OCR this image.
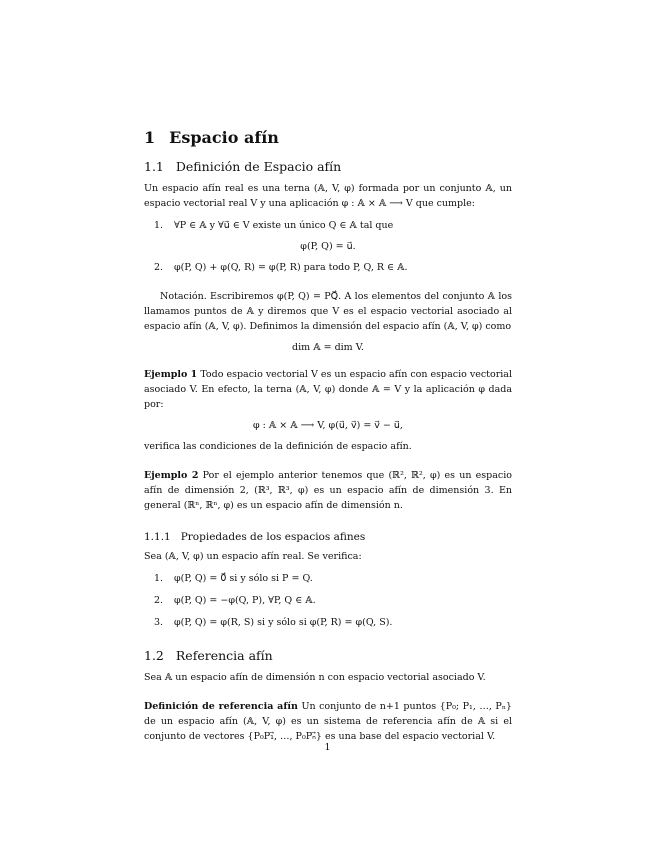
1 Espacio afín
1.1 Definición de Espacio afín

Un espacio afín real es una terna (𝔸, V, φ) formada por un conjunto 𝔸, un espacio vectorial real V y una aplicación φ : 𝔸 × 𝔸 ⟶ V que cumple:

1.	∀P ∈ 𝔸 y ∀u⃗ ∈ V existe un único Q ∈ 𝔸 tal que
φ(P, Q) = u⃗.
2.	φ(P, Q) + φ(Q, R) = φ(P, R) para todo P, Q, R ∈ 𝔸.

Notación. Escribiremos φ(P, Q) = PQ⃗. A los elementos del conjunto 𝔸 los llamamos puntos de 𝔸 y diremos que V es el espacio vectorial asociado al espacio afín (𝔸, V, φ). Definimos la dimensión del espacio afín (𝔸, V, φ) como

dim 𝔸 = dim V.

Ejemplo 1 Todo espacio vectorial V es un espacio afín con espacio vectorial asociado V. En efecto, la terna (𝔸, V, φ) donde 𝔸 = V y la aplicación φ dada por:

φ : 𝔸 × 𝔸 ⟶ V, φ(u⃗, v⃗) = v⃗ − u⃗,

verifica las condiciones de la definición de espacio afín.

Ejemplo 2 Por el ejemplo anterior tenemos que (ℝ², ℝ², φ) es un espacio afín de dimensión 2, (ℝ³, ℝ³, φ) es un espacio afín de dimensión 3. En general (ℝⁿ, ℝⁿ, φ) es un espacio afín de dimensión n.

1.1.1 Propiedades de los espacios afines

Sea (𝔸, V, φ) un espacio afín real. Se verifica:

1.	φ(P, Q) = 0⃗ si y sólo si P = Q.
2.	φ(P, Q) = −φ(Q, P), ∀P, Q ∈ 𝔸.
3.	φ(P, Q) = φ(R, S) si y sólo si φ(P, R) = φ(Q, S).
1.2 Referencia afín

Sea 𝔸 un espacio afín de dimensión n con espacio vectorial asociado V.

Definición de referencia afín Un conjunto de n+1 puntos {P₀; P₁, …, Pₙ} de un espacio afín (𝔸, V, φ) es un sistema de referencia afín de 𝔸 si el conjunto de vectores {P₀P₁⃗, …, P₀Pₙ⃗} es una base del espacio vectorial V.

1
